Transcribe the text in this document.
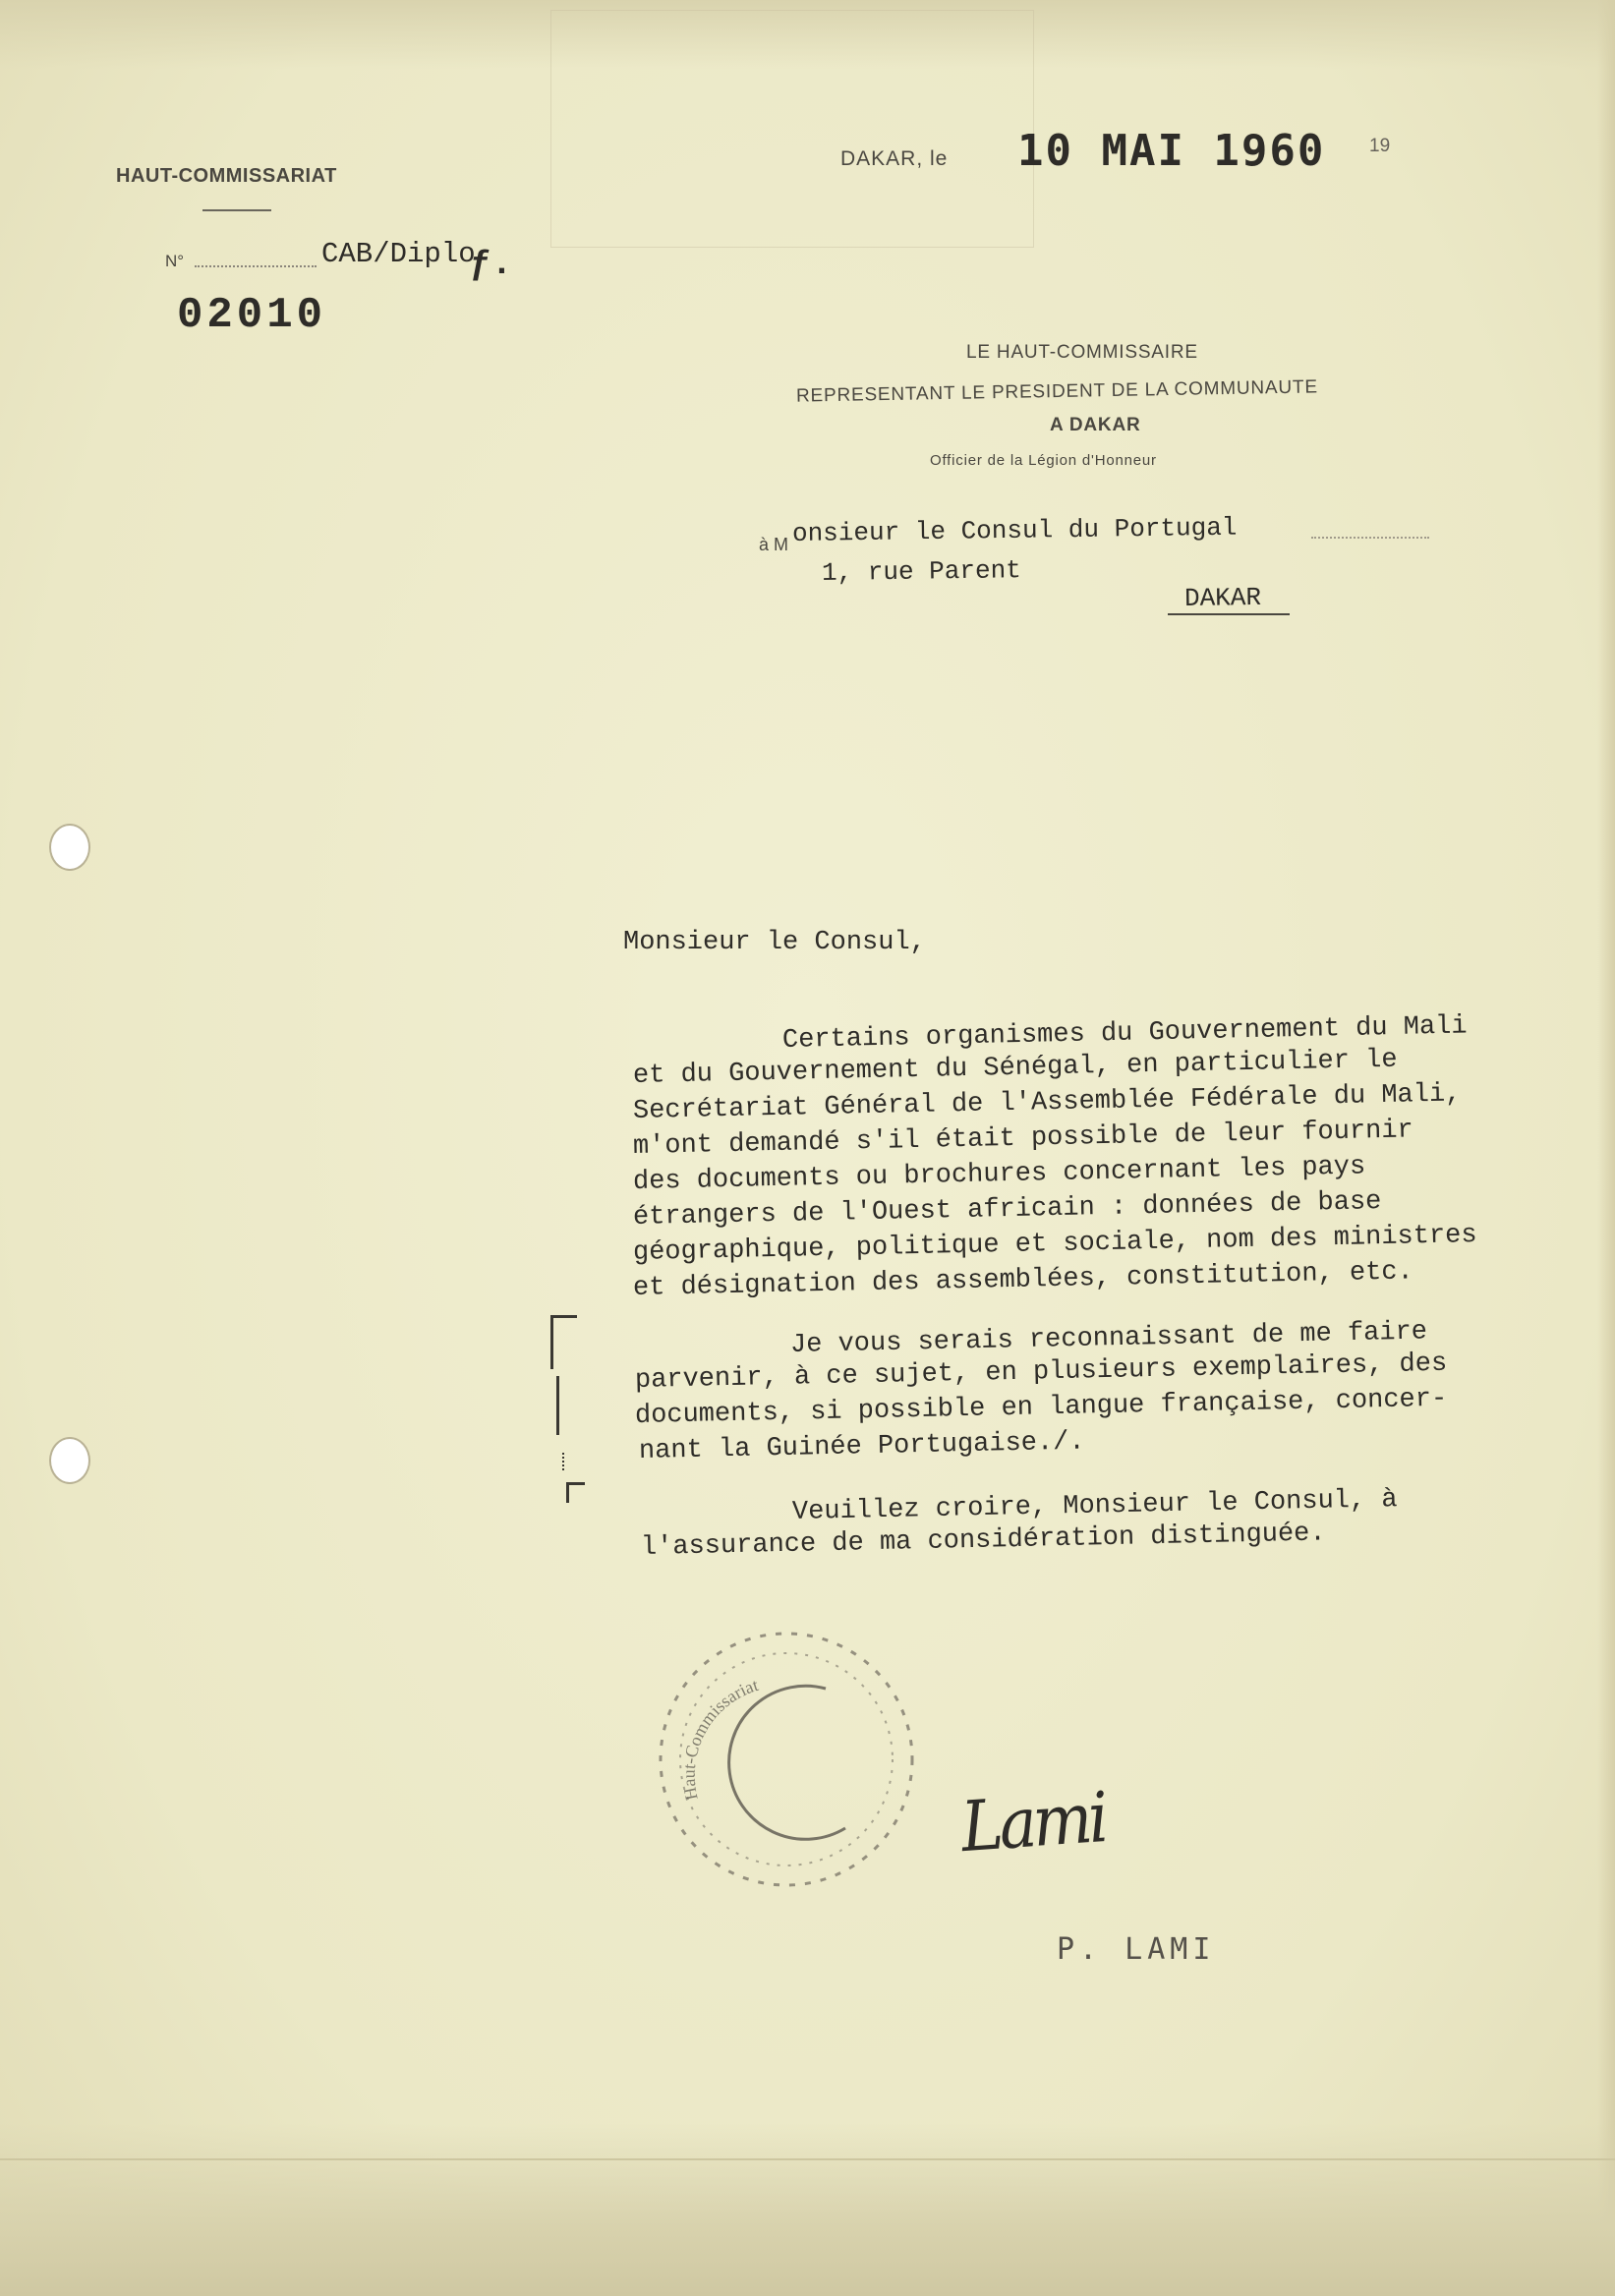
HAUT-COMMISSARIAT
DAKAR, le 10 MAI 1960 19
N°	CAB/Diplo
ƒ.
02010
LE HAUT-COMMISSAIRE
REPRESENTANT LE PRESIDENT DE LA COMMUNAUTE
A DAKAR
Officier de la Légion d'Honneur
à M onsieur le Consul du Portugal
1, rue Parent
DAKAR
Monsieur le Consul,
Certains organismes du Gouvernement du Mali
et du Gouvernement du Sénégal, en particulier le
Secrétariat Général de l'Assemblée Fédérale du Mali,
m'ont demandé s'il était possible de leur fournir
des documents ou brochures concernant les pays
étrangers de l'Ouest africain : données de base
géographique, politique et sociale, nom des ministres
et désignation des assemblées, constitution, etc.
Je vous serais reconnaissant de me faire
parvenir, à ce sujet, en plusieurs exemplaires, des
documents, si possible en langue française, concer-
nant la Guinée Portugaise./.
Veuillez croire, Monsieur le Consul, à
l'assurance de ma considération distinguée.
Haut-Commissariat
Lami
P. LAMI
